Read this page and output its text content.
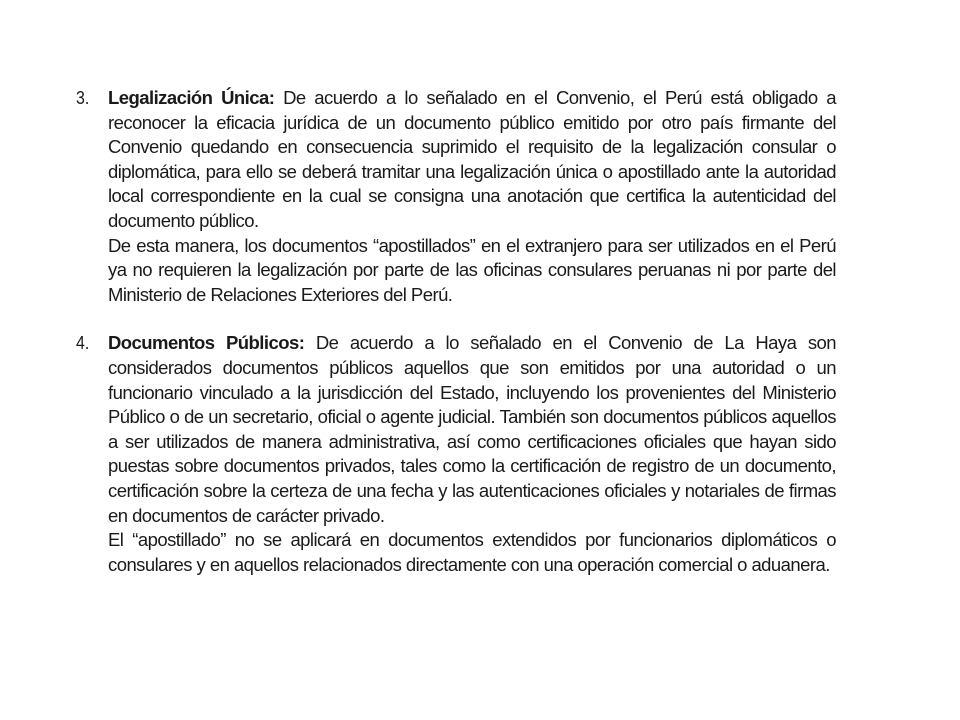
3.	Legalización Única: De acuerdo a lo señalado en el Convenio, el Perú está obligado a reconocer la eficacia jurídica de un documento público emitido por otro país firmante del Convenio quedando en consecuencia suprimido el requisito de la legalización consular o diplomática, para ello se deberá tramitar una legalización única o apostillado ante la autoridad local correspondiente en la cual se consigna una anotación que certifica la autenticidad del documento público.

De esta manera, los documentos “apostillados” en el extranjero para ser utilizados en el Perú ya no requieren la legalización por parte de las oficinas consulares peruanas ni por parte del Ministerio de Relaciones Exteriores del Perú.

4.	Documentos Públicos: De acuerdo a lo señalado en el Convenio de La Haya son considerados documentos públicos aquellos que son emitidos por una autoridad o un funcionario vinculado a la jurisdicción del Estado, incluyendo los provenientes del Ministerio Público o de un secretario, oficial o agente judicial. También son documentos públicos aquellos a ser utilizados de manera administrativa, así como certificaciones oficiales que hayan sido puestas sobre documentos privados, tales como la certificación de registro de un documento, certificación sobre la certeza de una fecha y las autenticaciones oficiales y notariales de firmas en documentos de carácter privado.

El “apostillado” no se aplicará en documentos extendidos por funcionarios diplomáticos o consulares y en aquellos relacionados directamente con una operación comercial o aduanera.
